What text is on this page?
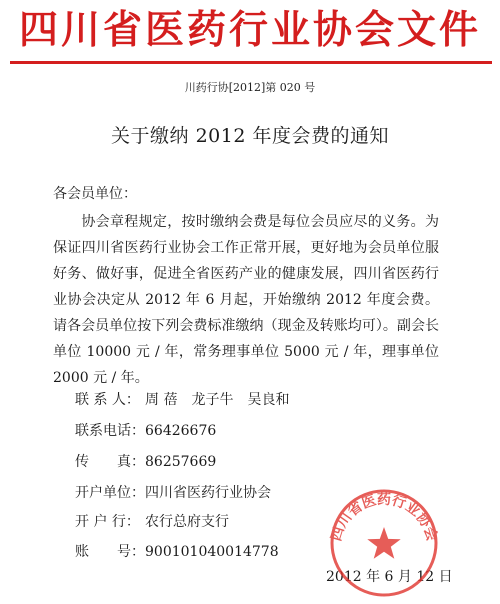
四川省医药行业协会文件
川药行协[2012]第 020 号
关于缴纳 2012 年度会费的通知
各会员单位：
协会章程规定，按时缴纳会费是每位会员应尽的义务。为保证四川省医药行业协会工作正常开展，更好地为会员单位服好务、做好事，促进全省医药产业的健康发展，四川省医药行业协会决定从 2012 年 6 月起，开始缴纳 2012 年度会费。请各会员单位按下列会费标准缴纳（现金及转账均可）。副会长单位 10000 元 / 年，常务理事单位 5000 元 / 年，理事单位 2000 元 / 年。
联 系 人： 周 蓓　龙子牛　吴良和
联系电话：66426676
传　　真：86257669
开户单位：四川省医药行业协会
开 户 行： 农行总府支行
账　　号：900101040014778
2012 年 6 月 12 日
四川省医药行业协会
